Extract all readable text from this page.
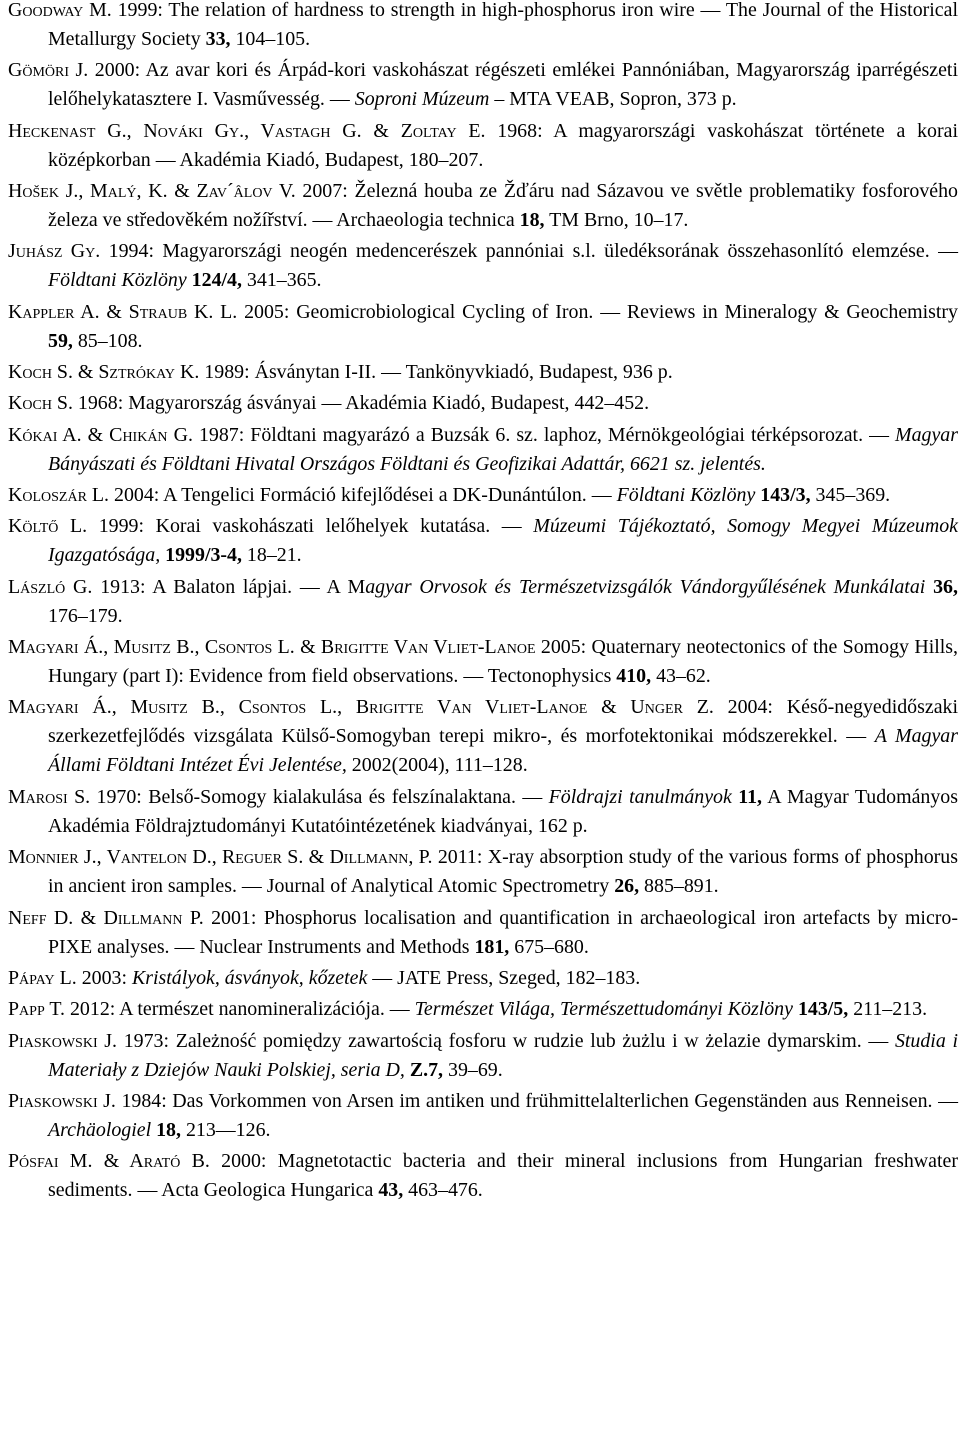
Goodway M. 1999: The relation of hardness to strength in high-phosphorus iron wire — The Journal of the Historical Metallurgy Society 33, 104–105.

Gömöri J. 2000: Az avar kori és Árpád-kori vaskohászat régészeti emlékei Pannóniában, Magyarország iparrégészeti lelőhelykatasztere I. Vasművesség. — Soproni Múzeum – MTA VEAB, Sopron, 373 p.

Heckenast G., Nováki Gy., Vastagh G. & Zoltay E. 1968: A magyarországi vaskohászat története a korai középkorban — Akadémia Kiadó, Budapest, 180–207.

Hošek J., Malý, K. & Zav´âlov V. 2007: Železná houba ze Žďáru nad Sázavou ve světle problematiky fosforového železa ve středověkém nožířství. — Archaeologia technica 18, TM Brno, 10–17.

Juhász Gy. 1994: Magyarországi neogén medencerészek pannóniai s.l. üledéksorának összehasonlító elemzése. — Földtani Közlöny 124/4, 341–365.

Kappler A. & Straub K. L. 2005: Geomicrobiological Cycling of Iron. — Reviews in Mineralogy & Geochemistry 59, 85–108.

Koch S. & Sztrókay K. 1989: Ásványtan I-II. — Tankönyvkiadó, Budapest, 936 p.

Koch S. 1968: Magyarország ásványai — Akadémia Kiadó, Budapest, 442–452.

Kókai A. & Chikán G. 1987: Földtani magyarázó a Buzsák 6. sz. laphoz, Mérnökgeológiai térképsorozat. — Magyar Bányászati és Földtani Hivatal Országos Földtani és Geofizikai Adattár, 6621 sz. jelentés.

Koloszár L. 2004: A Tengelici Formáció kifejlődései a DK-Dunántúlon. — Földtani Közlöny 143/3, 345–369.

Költő L. 1999: Korai vaskohászati lelőhelyek kutatása. — Múzeumi Tájékoztató, Somogy Megyei Múzeumok Igazgatósága, 1999/3-4, 18–21.

László G. 1913: A Balaton lápjai. — A Magyar Orvosok és Természetvizsgálók Vándorgyűlésének Munkálatai 36, 176–179.

Magyari Á., Musitz B., Csontos L. & Brigitte Van Vliet-Lanoe 2005: Quaternary neotectonics of the Somogy Hills, Hungary (part I): Evidence from field observations. — Tectonophysics 410, 43–62.

Magyari Á., Musitz B., Csontos L., Brigitte Van Vliet-Lanoe & Unger Z. 2004: Késő-negyedidőszaki szerkezetfejlődés vizsgálata Külső-Somogyban terepi mikro-, és morfotektonikai módszerekkel. — A Magyar Állami Földtani Intézet Évi Jelentése, 2002(2004), 111–128.

Marosi S. 1970: Belső-Somogy kialakulása és felszínalaktana. — Földrajzi tanulmányok 11, A Magyar Tudományos Akadémia Földrajztudományi Kutatóintézetének kiadványai, 162 p.

Monnier J., Vantelon D., Reguer S. & Dillmann, P. 2011: X-ray absorption study of the various forms of phosphorus in ancient iron samples. — Journal of Analytical Atomic Spectrometry 26, 885–891.

Neff D. & Dillmann P. 2001: Phosphorus localisation and quantification in archaeological iron artefacts by micro-PIXE analyses. — Nuclear Instruments and Methods 181, 675–680.

Pápay L. 2003: Kristályok, ásványok, kőzetek — JATE Press, Szeged, 182–183.

Papp T. 2012: A természet nanomineralizációja. — Természet Világa, Természettudományi Közlöny 143/5, 211–213.

Piaskowski J. 1973: Zależność pomiędzy zawartością fosforu w rudzie lub żużlu i w żelazie dymarskim. — Studia i Materiały z Dziejów Nauki Polskiej, seria D, Z.7, 39–69.

Piaskowski J. 1984: Das Vorkommen von Arsen im antiken und frühmittelalterlichen Gegenständen aus Renneisen. — Archäologiel 18, 213—126.

Pósfai M. & Arató B. 2000: Magnetotactic bacteria and their mineral inclusions from Hungarian freshwater sediments. — Acta Geologica Hungarica 43, 463–476.
